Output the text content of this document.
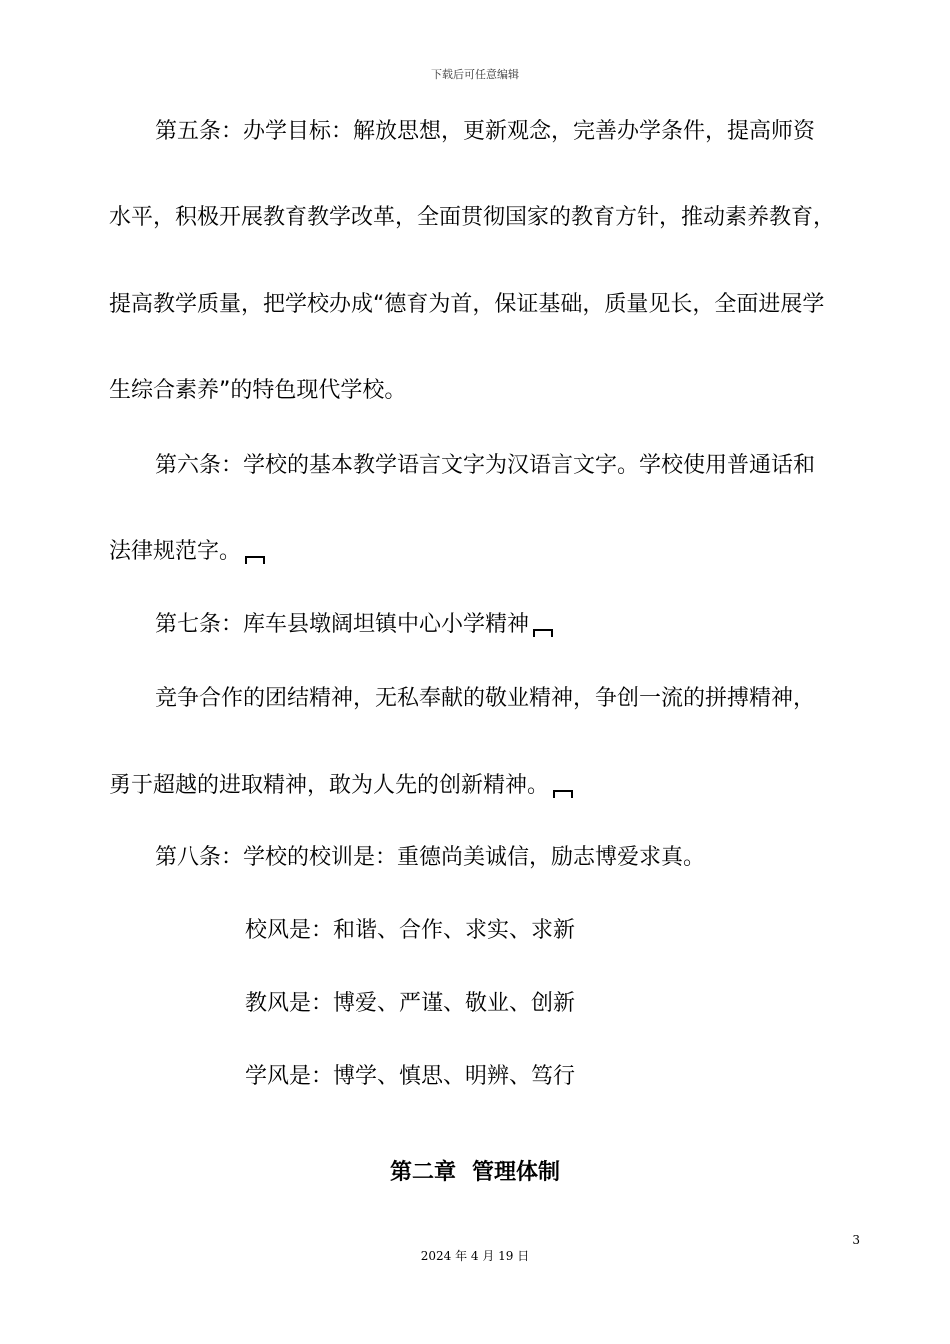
下载后可任意编辑
第五条：办学目标：解放思想，更新观念，完善办学条件，提高师资
水平，积极开展教育教学改革，全面贯彻国家的教育方针，推动素养教育，
提高教学质量，把学校办成“德育为首，保证基础，质量见长，全面进展学
生综合素养”的特色现代学校。
第六条：学校的基本教学语言文字为汉语言文字。学校使用普通话和
法律规范字。
第七条：库车县墩阔坦镇中心小学精神
竞争合作的团结精神，无私奉献的敬业精神，争创一流的拼搏精神，
勇于超越的进取精神，敢为人先的创新精神。
第八条：学校的校训是：重德尚美诚信，励志博爱求真。
校风是：和谐、合作、求实、求新
教风是：博爱、严谨、敬业、创新
学风是：博学、慎思、明辨、笃行
第二章 管理体制
3
2024 年 4 月 19 日
